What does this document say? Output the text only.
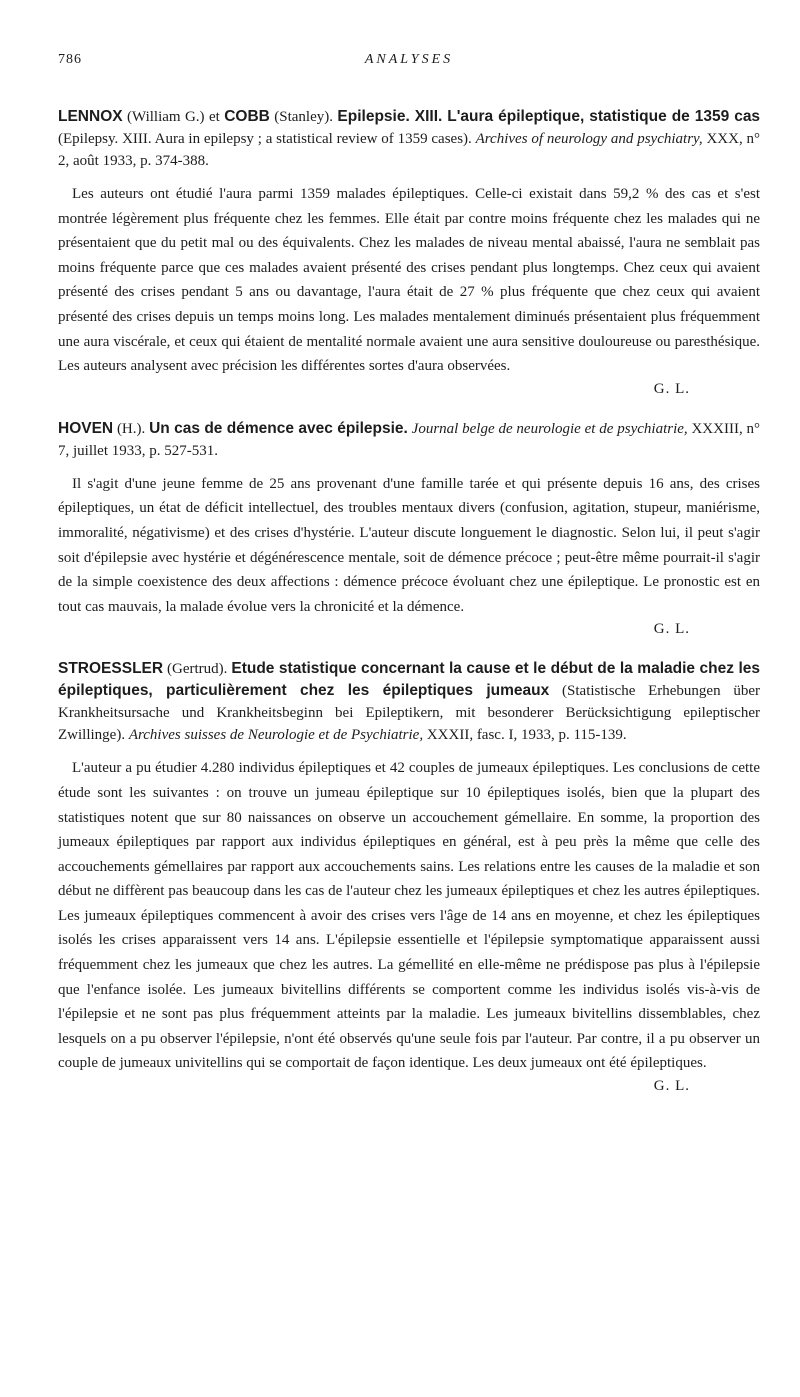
786	ANALYSES

LENNOX (William G.) et COBB (Stanley). Epilepsie. XIII. L'aura épileptique, statistique de 1359 cas (Epilepsy. XIII. Aura in epilepsy ; a statistical review of 1359 cases). Archives of neurology and psychiatry, XXX, n° 2, août 1933, p. 374-388.

Les auteurs ont étudié l'aura parmi 1359 malades épileptiques. Celle-ci existait dans 59,2 % des cas et s'est montrée légèrement plus fréquente chez les femmes. Elle était par contre moins fréquente chez les malades qui ne présentaient que du petit mal ou des équivalents. Chez les malades de niveau mental abaissé, l'aura ne semblait pas moins fréquente parce que ces malades avaient présenté des crises pendant plus longtemps. Chez ceux qui avaient présenté des crises pendant 5 ans ou davantage, l'aura était de 27 % plus fréquente que chez ceux qui avaient présenté des crises depuis un temps moins long. Les malades mentalement diminués présentaient plus fréquemment une aura viscérale, et ceux qui étaient de mentalité normale avaient une aura sensitive douloureuse ou paresthésique. Les auteurs analysent avec précision les différentes sortes d'aura observées.

G. L.

HOVEN (H.). Un cas de démence avec épilepsie. Journal belge de neurologie et de psychiatrie, XXXIII, n° 7, juillet 1933, p. 527-531.

Il s'agit d'une jeune femme de 25 ans provenant d'une famille tarée et qui présente depuis 16 ans, des crises épileptiques, un état de déficit intellectuel, des troubles mentaux divers (confusion, agitation, stupeur, maniérisme, immoralité, négativisme) et des crises d'hystérie. L'auteur discute longuement le diagnostic. Selon lui, il peut s'agir soit d'épilepsie avec hystérie et dégénérescence mentale, soit de démence précoce ; peut-être même pourrait-il s'agir de la simple coexistence des deux affections : démence précoce évoluant chez une épileptique. Le pronostic est en tout cas mauvais, la malade évolue vers la chronicité et la démence.

G. L.

STROESSLER (Gertrud). Etude statistique concernant la cause et le début de la maladie chez les épileptiques, particulièrement chez les épileptiques jumeaux (Statistische Erhebungen über Krankheitsursache und Krankheitsbeginn bei Epileptikern, mit besonderer Berücksichtigung epileptischer Zwillinge). Archives suisses de Neurologie et de Psychiatrie, XXXII, fasc. I, 1933, p. 115-139.

L'auteur a pu étudier 4.280 individus épileptiques et 42 couples de jumeaux épileptiques. Les conclusions de cette étude sont les suivantes : on trouve un jumeau épileptique sur 10 épileptiques isolés, bien que la plupart des statistiques notent que sur 80 naissances on observe un accouchement gémellaire. En somme, la proportion des jumeaux épileptiques par rapport aux individus épileptiques en général, est à peu près la même que celle des accouchements gémellaires par rapport aux accouchements sains. Les relations entre les causes de la maladie et son début ne diffèrent pas beaucoup dans les cas de l'auteur chez les jumeaux épileptiques et chez les autres épileptiques. Les jumeaux épileptiques commencent à avoir des crises vers l'âge de 14 ans en moyenne, et chez les épileptiques isolés les crises apparaissent vers 14 ans. L'épilepsie essentielle et l'épilepsie symptomatique apparaissent aussi fréquemment chez les jumeaux que chez les autres. La gémellité en elle-même ne prédispose pas plus à l'épilepsie que l'enfance isolée. Les jumeaux bivitellins différents se comportent comme les individus isolés vis-à-vis de l'épilepsie et ne sont pas plus fréquemment atteints par la maladie. Les jumeaux bivitellins dissemblables, chez lesquels on a pu observer l'épilepsie, n'ont été observés qu'une seule fois par l'auteur. Par contre, il a pu observer un couple de jumeaux univitellins qui se comportait de façon identique. Les deux jumeaux ont été épileptiques.

G. L.
